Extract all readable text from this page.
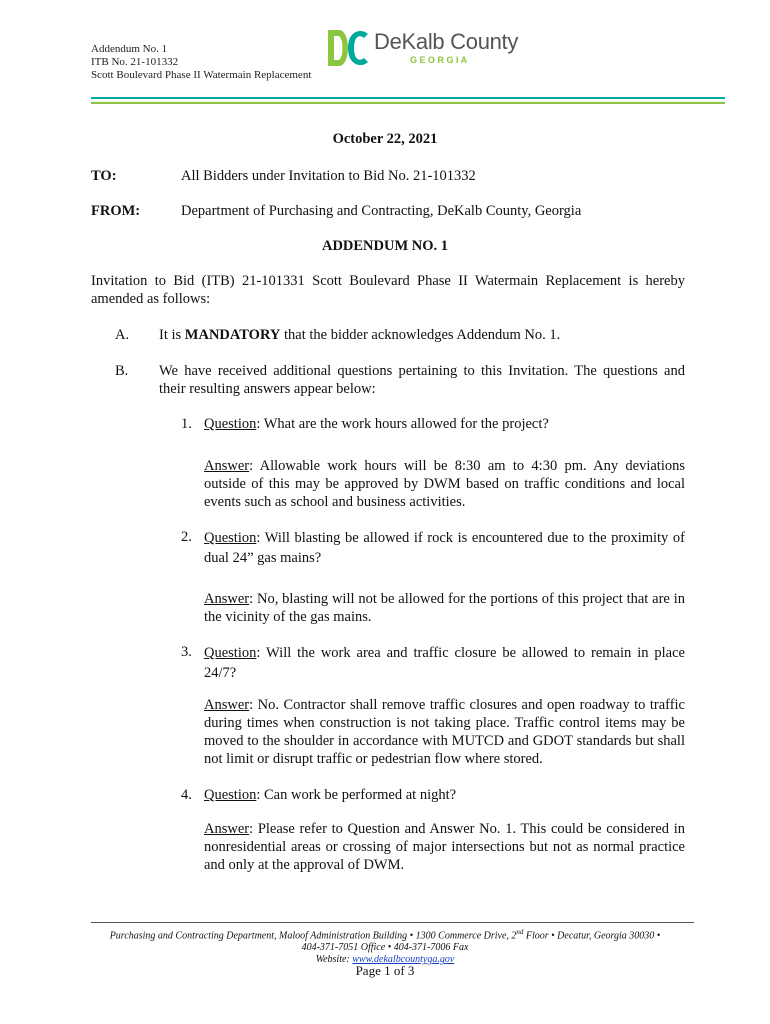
Addendum No. 1
ITB No. 21-101332
Scott Boulevard Phase II Watermain Replacement
DeKalb County
G E O R G I A
October 22, 2021
TO:	All Bidders under Invitation to Bid No. 21-101332
FROM:	Department of Purchasing and Contracting, DeKalb County, Georgia
ADDENDUM NO. 1
Invitation to Bid (ITB) 21-101331 Scott Boulevard Phase II Watermain Replacement is hereby amended as follows:
A. It is MANDATORY that the bidder acknowledges Addendum No. 1.
B. We have received additional questions pertaining to this Invitation. The questions and their resulting answers appear below:
1. Question: What are the work hours allowed for the project?
Answer: Allowable work hours will be 8:30 am to 4:30 pm. Any deviations outside of this may be approved by DWM based on traffic conditions and local events such as school and business activities.
2. Question: Will blasting be allowed if rock is encountered due to the proximity of dual 24” gas mains?
Answer: No, blasting will not be allowed for the portions of this project that are in the vicinity of the gas mains.
3. Question: Will the work area and traffic closure be allowed to remain in place 24/7?
Answer: No. Contractor shall remove traffic closures and open roadway to traffic during times when construction is not taking place. Traffic control items may be moved to the shoulder in accordance with MUTCD and GDOT standards but shall not limit or disrupt traffic or pedestrian flow where stored.
4. Question: Can work be performed at night?
Answer: Please refer to Question and Answer No. 1. This could be considered in nonresidential areas or crossing of major intersections but not as normal practice and only at the approval of DWM.
Purchasing and Contracting Department, Maloof Administration Building • 1300 Commerce Drive, 2nd Floor • Decatur, Georgia 30030 •
404-371-7051 Office • 404-371-7006 Fax
Website: www.dekalbcountyga.gov
Page 1 of 3
